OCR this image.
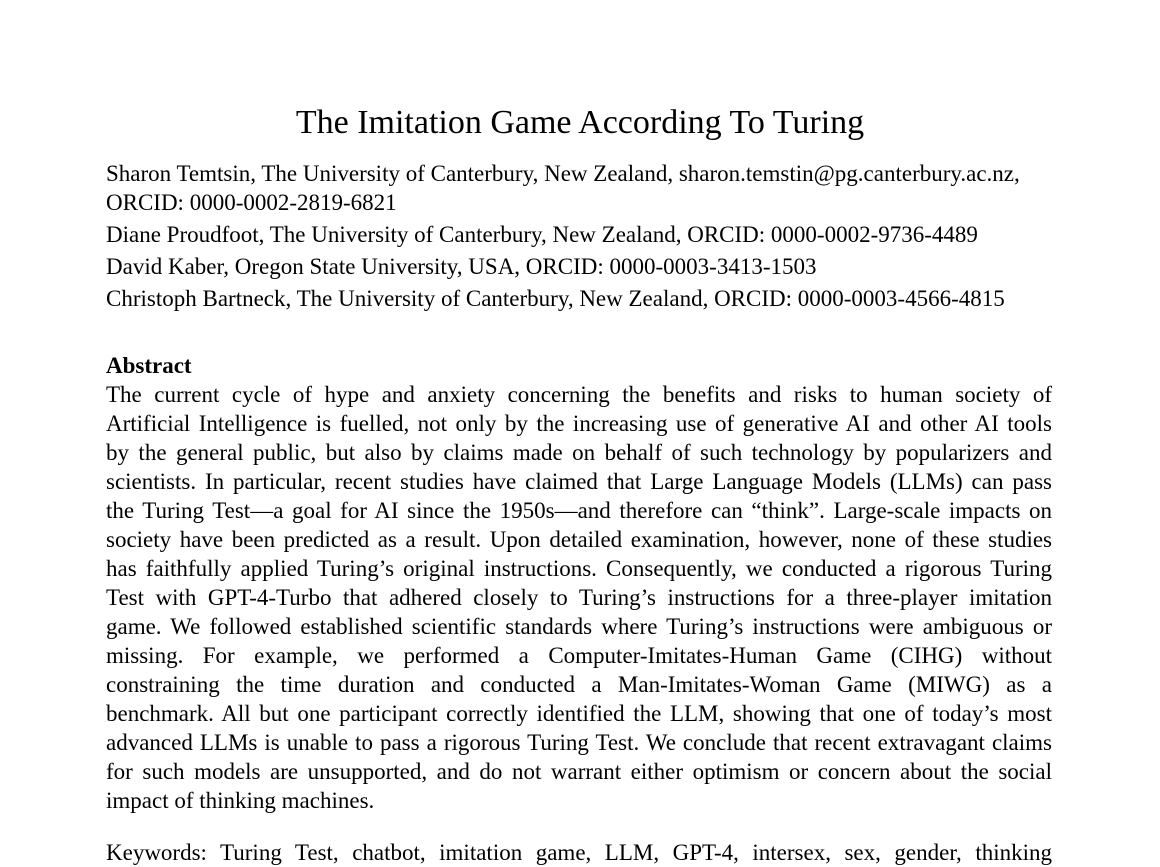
The Imitation Game According To Turing
Sharon Temtsin, The University of Canterbury, New Zealand, sharon.temstin@pg.canterbury.ac.nz,
ORCID: 0000-0002-2819-6821
Diane Proudfoot, The University of Canterbury, New Zealand, ORCID: 0000-0002-9736-4489
David Kaber, Oregon State University, USA, ORCID: 0000-0003-3413-1503
Christoph Bartneck, The University of Canterbury, New Zealand, ORCID: 0000-0003-4566-4815
Abstract
The current cycle of hype and anxiety concerning the benefits and risks to human society of
Artificial Intelligence is fuelled, not only by the increasing use of generative AI and other AI tools
by the general public, but also by claims made on behalf of such technology by popularizers and
scientists. In particular, recent studies have claimed that Large Language Models (LLMs) can pass
the Turing Test—a goal for AI since the 1950s—and therefore can “think”. Large-scale impacts on
society have been predicted as a result. Upon detailed examination, however, none of these studies
has faithfully applied Turing’s original instructions. Consequently, we conducted a rigorous Turing
Test with GPT-4-Turbo that adhered closely to Turing’s instructions for a three-player imitation
game. We followed established scientific standards where Turing’s instructions were ambiguous or
missing. For example, we performed a Computer-Imitates-Human Game (CIHG) without
constraining the time duration and conducted a Man-Imitates-Woman Game (MIWG) as a
benchmark. All but one participant correctly identified the LLM, showing that one of today’s most
advanced LLMs is unable to pass a rigorous Turing Test. We conclude that recent extravagant claims
for such models are unsupported, and do not warrant either optimism or concern about the social
impact of thinking machines.
Keywords: Turing Test, chatbot, imitation game, LLM, GPT-4, intersex, sex, gender, thinking
